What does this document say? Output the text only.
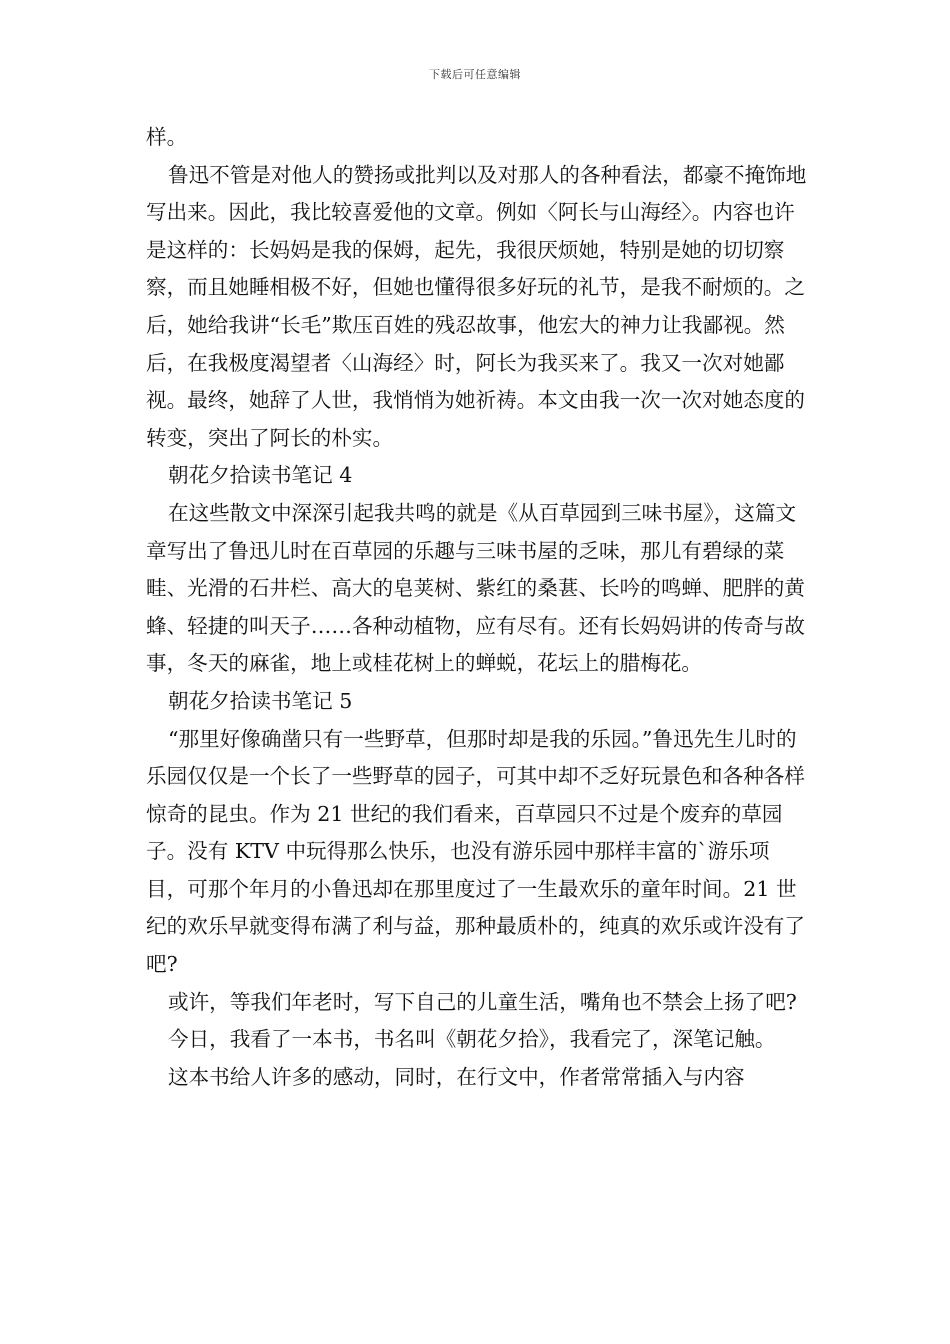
下载后可任意编辑

样。

鲁迅不管是对他人的赞扬或批判以及对那人的各种看法，都豪不掩饰地写出来。因此，我比较喜爱他的文章。例如〈阿长与山海经〉。内容也许是这样的：长妈妈是我的保姆，起先，我很厌烦她，特别是她的切切察察，而且她睡相极不好，但她也懂得很多好玩的礼节，是我不耐烦的。之后，她给我讲“长毛”欺压百姓的残忍故事，他宏大的神力让我鄙视。然后，在我极度渴望者〈山海经〉时，阿长为我买来了。我又一次对她鄙视。最终，她辞了人世，我悄悄为她祈祷。本文由我一次一次对她态度的转变，突出了阿长的朴实。

朝花夕拾读书笔记 4

在这些散文中深深引起我共鸣的就是《从百草园到三味书屋》，这篇文章写出了鲁迅儿时在百草园的乐趣与三味书屋的乏味，那儿有碧绿的菜畦、光滑的石井栏、高大的皂荚树、紫红的桑葚、长吟的鸣蝉、肥胖的黄蜂、轻捷的叫天子……各种动植物，应有尽有。还有长妈妈讲的传奇与故事，冬天的麻雀，地上或桂花树上的蝉蜕，花坛上的腊梅花。

朝花夕拾读书笔记 5

“那里好像确凿只有一些野草，但那时却是我的乐园。”鲁迅先生儿时的乐园仅仅是一个长了一些野草的园子，可其中却不乏好玩景色和各种各样惊奇的昆虫。作为 21 世纪的我们看来，百草园只不过是个废弃的草园子。没有 KTV 中玩得那么快乐，也没有游乐园中那样丰富的`游乐项目，可那个年月的小鲁迅却在那里度过了一生最欢乐的童年时间。21 世纪的欢乐早就变得布满了利与益，那种最质朴的，纯真的欢乐或许没有了吧?

或许，等我们年老时，写下自己的儿童生活，嘴角也不禁会上扬了吧?

今日，我看了一本书，书名叫《朝花夕拾》，我看完了，深笔记触。

这本书给人许多的感动，同时，在行文中，作者常常插入与内容
